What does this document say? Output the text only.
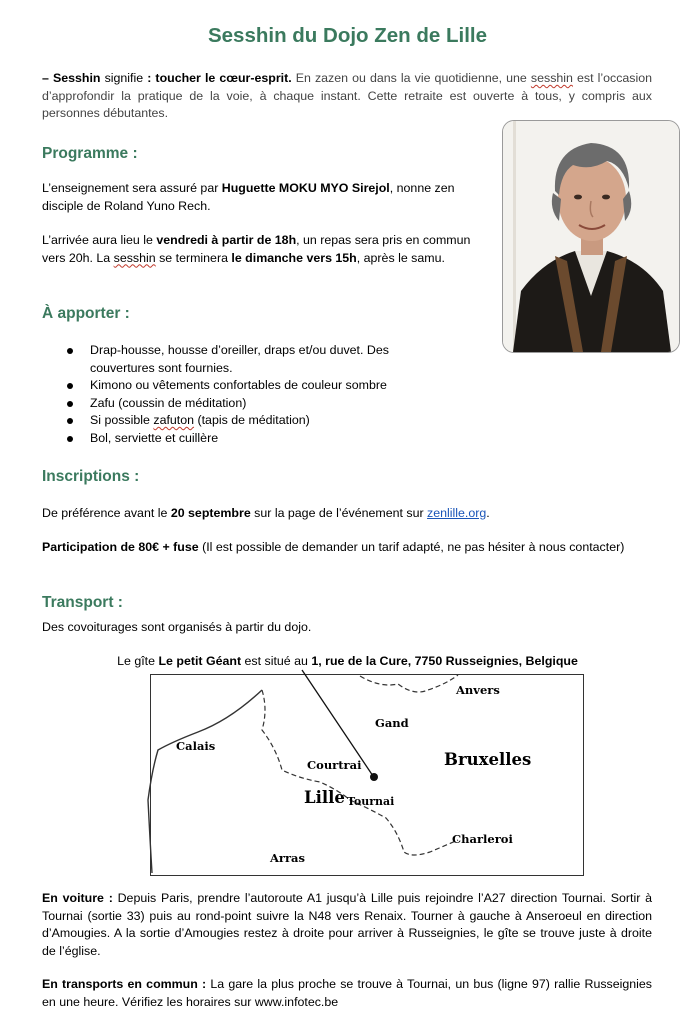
Sesshin du Dojo Zen de Lille
– Sesshin signifie : toucher le cœur-esprit. En zazen ou dans la vie quotidienne, une sesshin est l’occasion d’approfondir la pratique de la voie, à chaque instant. Cette retraite est ouverte à tous, y compris aux personnes débutantes.
Programme :
L’enseignement sera assuré par Huguette MOKU MYO Sirejol, nonne zen disciple de Roland Yuno Rech.
L’arrivée aura lieu le vendredi à partir de 18h, un repas sera pris en commun vers 20h. La sesshin se terminera le dimanche vers 15h, après le samu.
À apporter :
Drap-housse, housse d’oreiller, draps et/ou duvet. Des couvertures sont fournies.
Kimono ou vêtements confortables de couleur sombre
Zafu (coussin de méditation)
Si possible zafuton (tapis de méditation)
Bol, serviette et cuillère
Inscriptions :
De préférence avant le 20 septembre sur la page de l’événement sur zenlille.org.
Participation de 80€ + fuse (Il est possible de demander un tarif adapté, ne pas hésiter à nous contacter)
Transport :
Des covoiturages sont organisés à partir du dojo.
Le gîte Le petit Géant est situé au 1, rue de la Cure, 7750 Russeignies, Belgique
Anvers
Gand
Calais
Courtrai	Bruxelles
Lille Tournai
Charleroi
Arras
En voiture : Depuis Paris, prendre l’autoroute A1 jusqu’à Lille puis rejoindre l’A27 direction Tournai. Sortir à Tournai (sortie 33) puis au rond-point suivre la N48 vers Renaix. Tourner à gauche à Anseroeul en direction d’Amougies. A la sortie d’Amougies restez à droite pour arriver à Russeignies, le gîte se trouve juste à droite de l’église.
En transports en commun : La gare la plus proche se trouve à Tournai, un bus (ligne 97) rallie Russeignies en une heure. Vérifiez les horaires sur www.infotec.be
